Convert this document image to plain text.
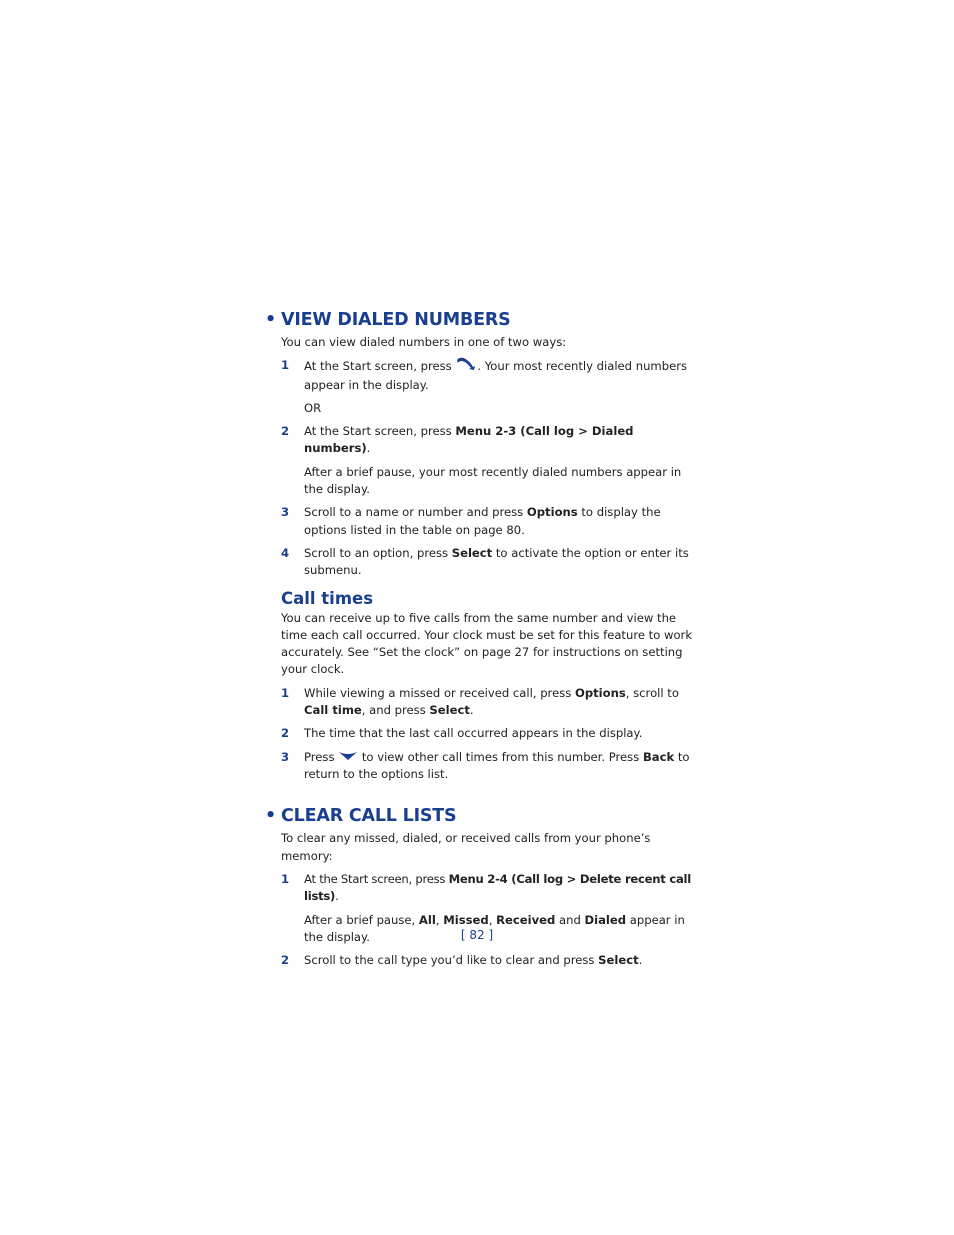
• VIEW DIALED NUMBERS

You can view dialed numbers in one of two ways:

1 At the Start screen, press . Your most recently dialed numbers appear in the display.

OR

2 At the Start screen, press Menu 2-3 (Call log > Dialed numbers).

After a brief pause, your most recently dialed numbers appear in the display.

3 Scroll to a name or number and press Options to display the options listed in the table on page 80.

4 Scroll to an option, press Select to activate the option or enter its submenu.

Call times

You can receive up to five calls from the same number and view the time each call occurred. Your clock must be set for this feature to work accurately. See “Set the clock” on page 27 for instructions on setting your clock.

1 While viewing a missed or received call, press Options, scroll to Call time, and press Select.

2 The time that the last call occurred appears in the display.

3 Press  to view other call times from this number. Press Back to return to the options list.

• CLEAR CALL LISTS

To clear any missed, dialed, or received calls from your phone’s memory:

1 At the Start screen, press Menu 2-4 (Call log > Delete recent call lists).

After a brief pause, All, Missed, Received and Dialed appear in the display.

2 Scroll to the call type you’d like to clear and press Select.

[ 82 ]
